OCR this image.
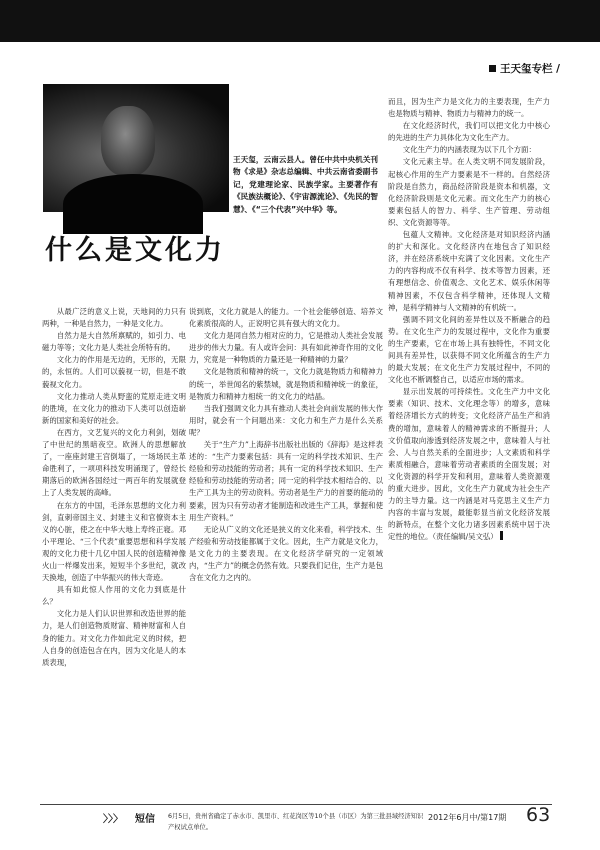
王天玺专栏 /
王天玺，云南云县人。曾任中共中央机关刊物《求是》杂志总编辑、中共云南省委副书记，党建理论家、民族学家。主要著作有《民族法概论》、《宇宙源流论》、《先民的智慧》、《“三个代表”兴中华》等。
什么是文化力

从最广泛的意义上说，天地间的力只有两种，一种是自然力，一种是文化力。

自然力是大自然所禀赋的，如引力、电磁力等等；文化力是人类社会所特有的。

文化力的作用是无边的，无形的，无限的，永恒的。人们可以藐视一切，但是不敢藐视文化力。

文化力推动人类从野蛮的荒原走进文明的胜境，在文化力的推动下人类可以创造崭新的国家和美好的社会。

在西方，文艺复兴的文化力利剑，划破了中世纪的黑暗夜空。欧洲人的思想解放了，一座座封建王宫倒塌了，一场场民主革命胜利了，一项项科技发明涌现了，曾经长期落后的欧洲各国经过一两百年的发展就登上了人类发展的高峰。

在东方的中国，毛泽东思想的文化力利剑，直刺帝国主义、封建主义和官僚资本主义的心脏，使之在中华大地上寿终正寝。邓小平理论、“三个代表”重要思想和科学发展观的文化力使十几亿中国人民的创造精神像火山一样爆发出来，短短半个多世纪，就改天换地，创造了中华振兴的伟大奇迹。

具有如此惊人作用的文化力到底是什么？

文化力是人们认识世界和改造世界的能力，是人们创造物质财富、精神财富和人自身的能力。对文化力作如此定义的时候，把人自身的创造包含在内，因为文化是人的本质表现，

说到底，文化力就是人的能力。一个社会能够创造、培养文化素质很高的人，正说明它具有强大的文化力。

文化力是同自然力相对应的力，它是推动人类社会发展进步的伟大力量。有人或许会问：具有如此神奇作用的文化力，究竟是一种物质的力量还是一种精神的力量？

文化是物质和精神的统一，文化力就是物质力和精神力的统一，举世闻名的紫禁城，就是物质和精神统一的象征，是物质力和精神力相统一的文化力的结晶。

当我们强调文化力具有推动人类社会向前发展的伟大作用时，就会有一个问题出来：文化力和生产力是什么关系呢？

关于“生产力”上海辞书出版社出版的《辞海》是这样表述的：“生产力要素包括：具有一定的科学技术知识、生产经验和劳动技能的劳动者；具有一定的科学技术知识、生产经验和劳动技能的劳动者；同一定的科学技术相结合的、以生产工具为主的劳动资料。劳动者是生产力的首要的能动的要素，因为只有劳动者才能制造和改进生产工具，掌握和使用生产资料。”

无论从广义的文化还是狭义的文化来看，科学技术、生产经验和劳动技能都属于文化。因此，生产力就是文化力，是文化力的主要表现。在文化经济学研究的一定领域内，“生产力”的概念仍然有效。只要我们记住，生产力是包含在文化力之内的。

而且，因为生产力是文化力的主要表现，生产力也是物质与精神、物质力与精神力的统一。

在文化经济时代，我们可以把文化力中核心的先进的生产力具体化为文化生产力。

文化生产力的内涵表现为以下几个方面：

文化元素主导。在人类文明不同发展阶段，起核心作用的生产力要素是不一样的。自然经济阶段是自然力，商品经济阶段是资本和机器，文化经济阶段则是文化元素。而文化生产力的核心要素包括人的智力、科学、生产管理、劳动组织、文化资源等等。

包蕴人文精神。文化经济是对知识经济内涵的扩大和深化。文化经济内在地包含了知识经济，并在经济系统中充满了文化因素。文化生产力的内容构成不仅有科学、技术等智力因素，还有理想信念、价值观念、文化艺术、娱乐休闲等精神因素，不仅包含科学精神，还体现人文精神，是科学精神与人文精神的有机统一。

强调不同文化间的差异性以及不断融合的趋势。在文化生产力的发展过程中，文化作为重要的生产要素，它在市场上具有独特性，不同文化间具有差异性，以获得不同文化所蕴含的生产力的最大发展；在文化生产力发展过程中，不同的文化也不断调整自己，以适应市场的需求。

显示出发展的可持续性。文化生产力中文化要素（知识、技术、文化理念等）的增多，意味着经济增长方式的转变；文化经济产品生产和消费的增加，意味着人的精神需求的不断提升；人文价值取向渗透到经济发展之中，意味着人与社会、人与自然关系的全面进步；人文素质和科学素质相融合，意味着劳动者素质的全面发展；对文化资源的科学开发和利用，意味着人类资源观的重大进步。因此，文化生产力就成为社会生产力的主导力量。这一内涵是对马克思主义生产力内容的丰富与发展，最能彰显当前文化经济发展的新特点，在整个文化力诸多因素系统中居于决定性的地位。（责任编辑/吴文弘）

〉〉〉 短信 6月5日，贵州省确定了赤水市、凯里市、红花岗区等10个县（市区）为第三批县域经济知识产权试点单位。
2012年6月中/第17期 63
